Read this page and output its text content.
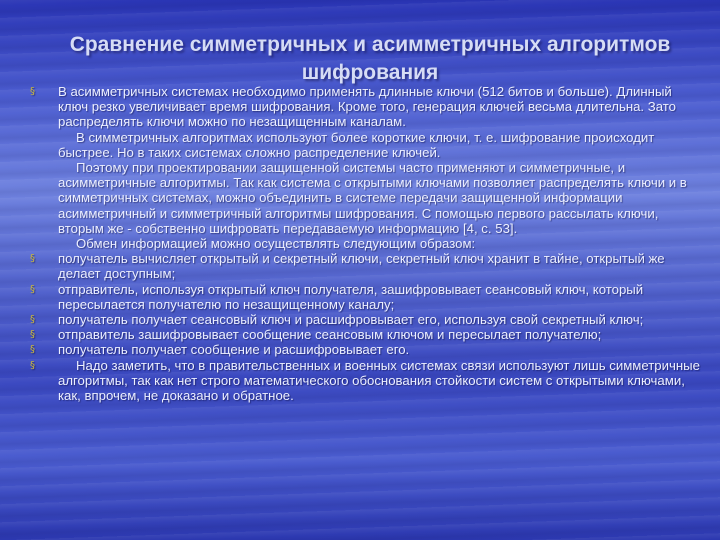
Сравнение симметричных и асимметричных алгоритмов шифрования

§ В асимметричных системах необходимо применять длинные ключи (512 битов и больше). Длинный ключ резко увеличивает время шифрования. Кроме того, генерация ключей весьма длительна. Зато распределять ключи можно по незащищенным каналам.

В симметричных алгоритмах используют более короткие ключи, т. е. шифрование происходит быстрее. Но в таких системах сложно распределение ключей.

Поэтому при проектировании защищенной системы часто применяют и симметричные, и асимметричные алгоритмы. Так как система с открытыми ключами позволяет распределять ключи и в симметричных системах, можно объединить в системе передачи защищенной информации асимметричный и симметричный алгоритмы шифрования. С помощью первого рассылать ключи, вторым же - собственно шифровать передаваемую информацию [4, с. 53].

Обмен информацией можно осуществлять следующим образом:

§ получатель вычисляет открытый и секретный ключи, секретный ключ хранит в тайне, открытый же делает доступным;

§ отправитель, используя открытый ключ получателя, зашифровывает сеансовый ключ, который пересылается получателю по незащищенному каналу;

§ получатель получает сеансовый ключ и расшифровывает его, используя свой секретный ключ;

§ отправитель зашифровывает сообщение сеансовым ключом и пересылает получателю;

§ получатель получает сообщение и расшифровывает его.

§	Надо заметить, что в правительственных и военных системах связи используют лишь симметричные алгоритмы, так как нет строго математического обоснования стойкости систем с открытыми ключами, как, впрочем, не доказано и обратное.
